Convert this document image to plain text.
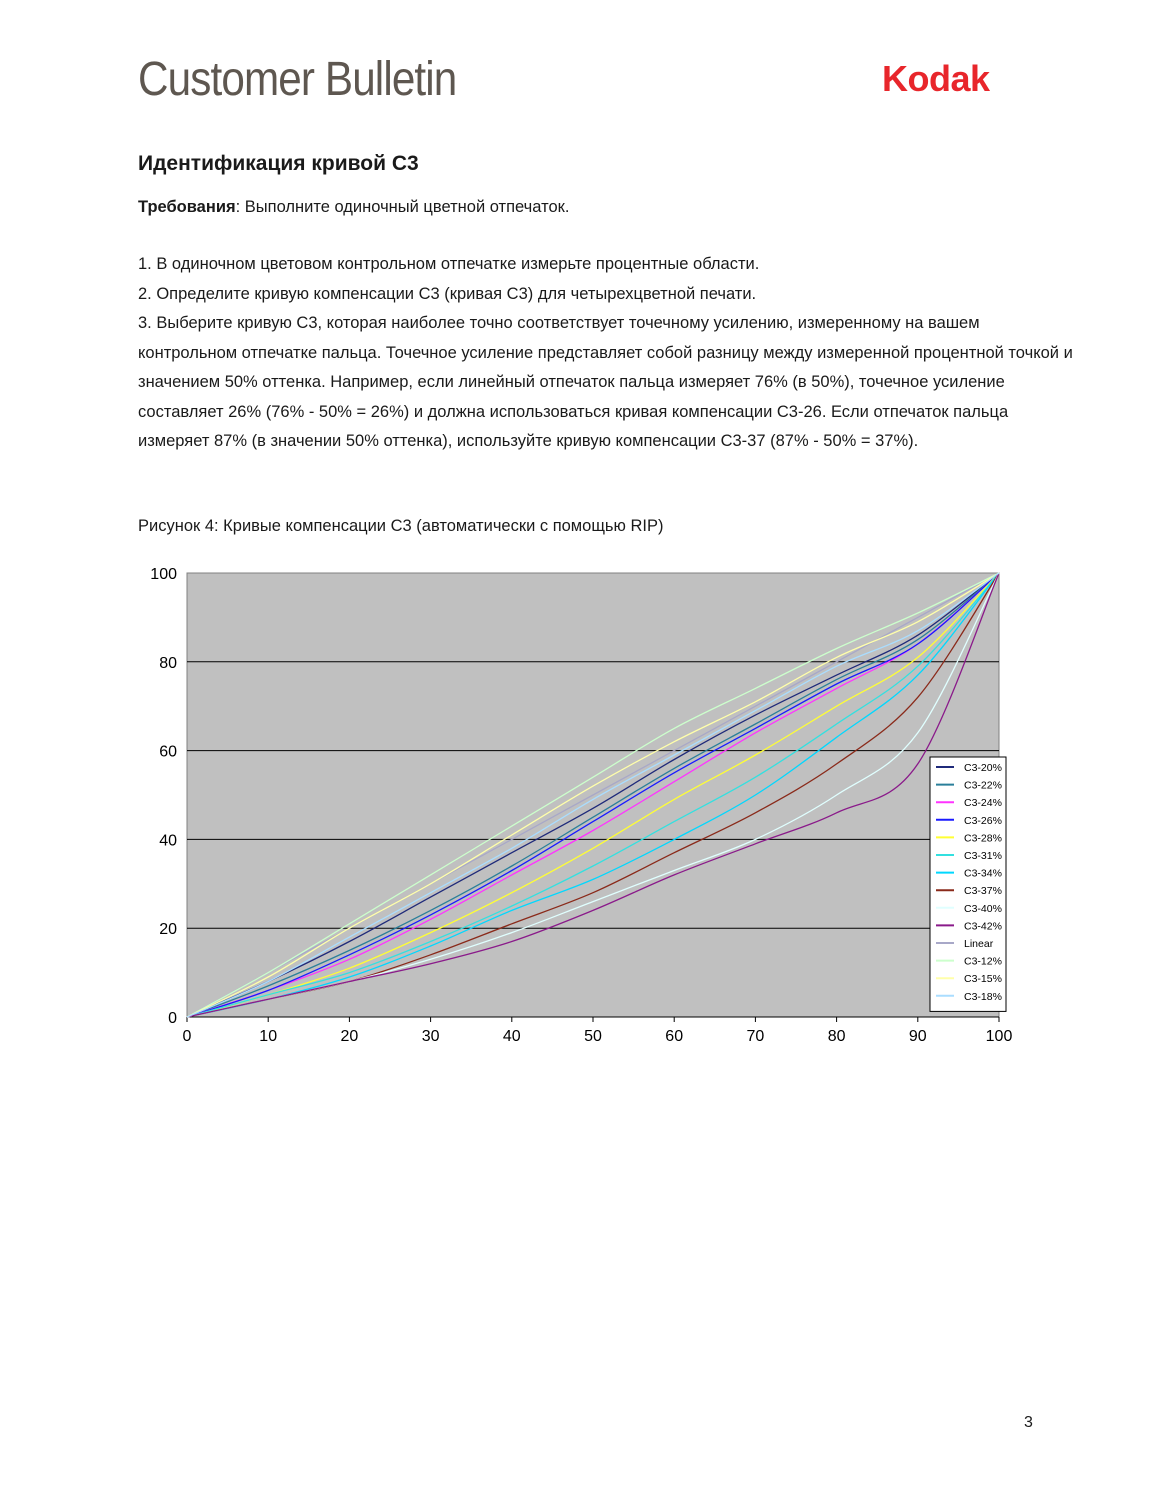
Customer Bulletin	Kodak
Идентификация кривой C3
Требования: Выполните одиночный цветной отпечаток.

1. В одиночном цветовом контрольном отпечатке измерьте процентные области.

2. Определите кривую компенсации C3 (кривая C3) для четырехцветной печати.

3. Выберите кривую C3, которая наиболее точно соответствует точечному усилению, измеренному на вашем контрольном отпечатке пальца. Точечное усиление представляет собой разницу между измеренной процентной точкой и значением 50% оттенка. Например, если линейный отпечаток пальца измеряет 76% (в 50%), точечное усиление составляет 26% (76% - 50% = 26%) и должна использоваться кривая компенсации C3-26. Если отпечаток пальца измеряет 87% (в значении 50% оттенка), используйте кривую компенсации C3-37 (87% - 50% = 37%).

Рисунок 4: Кривые компенсации C3 (автоматически с помощью RIP)
0
20
40
60
80
100
0	10	20	30	40	50	60	70	80	90	100
C3-20%
C3-22%
C3-24%
C3-26%
C3-28%
C3-31%
C3-34%
C3-37%
C3-40%
C3-42%
Linear
C3-12%
C3-15%
C3-18%
3
